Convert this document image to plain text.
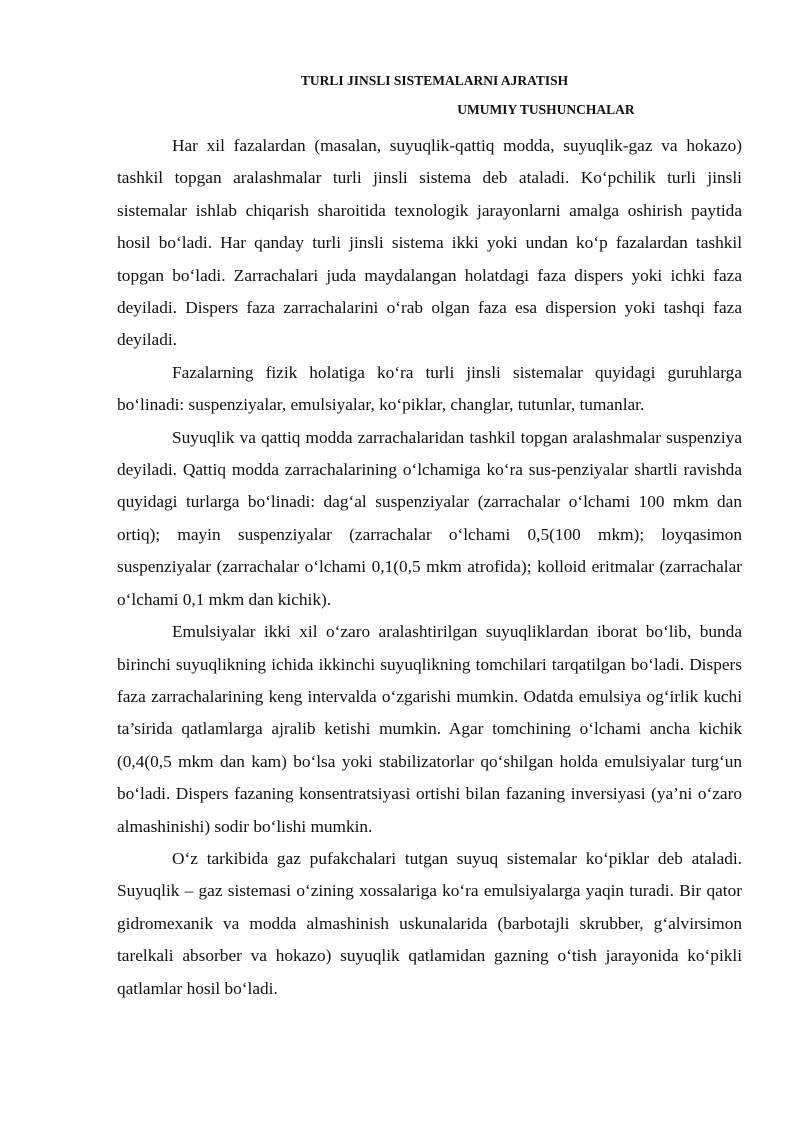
TURLI JINSLI SISTEMALARNI AJRATISH

UMUMIY TUSHUNCHALAR

Har xil fazalardan (masalan, suyuqlik-qattiq modda, suyuqlik-gaz va hokazo) tashkil topgan aralashmalar turli jinsli sistema deb ataladi. Ko‘pchilik turli jinsli sistemalar ishlab chiqarish sharoitida texnologik jarayonlarni amalga oshirish paytida hosil bo‘ladi. Har qanday turli jinsli sistema ikki yoki undan ko‘p fazalardan tashkil topgan bo‘ladi. Zarrachalari juda maydalangan holatdagi faza dispers yoki ichki faza deyiladi. Dispers faza zarrachalarini o‘rab olgan faza esa dispersion yoki tashqi faza deyiladi.

Fazalarning fizik holatiga ko‘ra turli jinsli sistemalar quyidagi guruhlarga bo‘linadi: suspenziyalar, emulsiyalar, ko‘piklar, changlar, tutunlar, tumanlar.

Suyuqlik va qattiq modda zarrachalaridan tashkil topgan aralashmalar suspenziya deyiladi. Qattiq modda zarrachalarining o‘lchamiga ko‘ra sus-penziyalar shartli ravishda quyidagi turlarga bo‘linadi: dag‘al suspenziyalar (zarrachalar o‘lchami 100 mkm dan ortiq); mayin suspenziyalar (zarrachalar o‘lchami 0,5(100 mkm); loyqasimon suspenziyalar (zarrachalar o‘lchami 0,1(0,5 mkm atrofida); kolloid eritmalar (zarrachalar o‘lchami 0,1 mkm dan kichik).

Emulsiyalar ikki xil o‘zaro aralashtirilgan suyuqliklardan iborat bo‘lib, bunda birinchi suyuqlikning ichida ikkinchi suyuqlikning tomchilari tarqatilgan bo‘ladi. Dispers faza zarrachalarining keng intervalda o‘zgarishi mumkin. Odatda emulsiya og‘irlik kuchi ta’sirida qatlamlarga ajralib ketishi mumkin. Agar tomchining o‘lchami ancha kichik (0,4(0,5 mkm dan kam) bo‘lsa yoki stabilizatorlar qo‘shilgan holda emulsiyalar turg‘un bo‘ladi. Dispers fazaning konsentratsiyasi ortishi bilan fazaning inversiyasi (ya’ni o‘zaro almashinishi) sodir bo‘lishi mumkin.

O‘z tarkibida gaz pufakchalari tutgan suyuq sistemalar ko‘piklar deb ataladi. Suyuqlik – gaz sistemasi o‘zining xossalariga ko‘ra emulsiyalarga yaqin turadi. Bir qator gidromexanik va modda almashinish uskunalarida (barbotajli skrubber, g‘alvirsimon tarelkali absorber va hokazo) suyuqlik qatlamidan gazning o‘tish jarayonida ko‘pikli qatlamlar hosil bo‘ladi.
